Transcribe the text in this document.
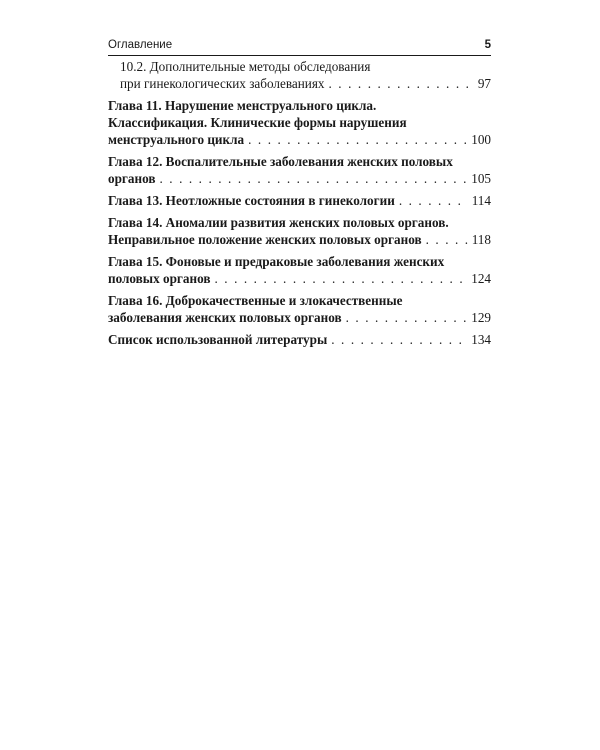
Оглавление	5
10.2. Дополнительные методы обследования
при гинекологических заболеваниях . . .	97
Глава 11. Нарушение менструального цикла.
Классификация. Клинические формы нарушения
менструального цикла . . .	100
Глава 12. Воспалительные заболевания женских половых
органов . . .	105
Глава 13. Неотложные состояния в гинекологии . . .	114
Глава 14. Аномалии развития женских половых органов.
Неправильное положение женских половых органов . . .	118
Глава 15. Фоновые и предраковые заболевания женских
половых органов . . .	124
Глава 16. Доброкачественные и злокачественные
заболевания женских половых органов . . .	129
Список использованной литературы . . .	134
